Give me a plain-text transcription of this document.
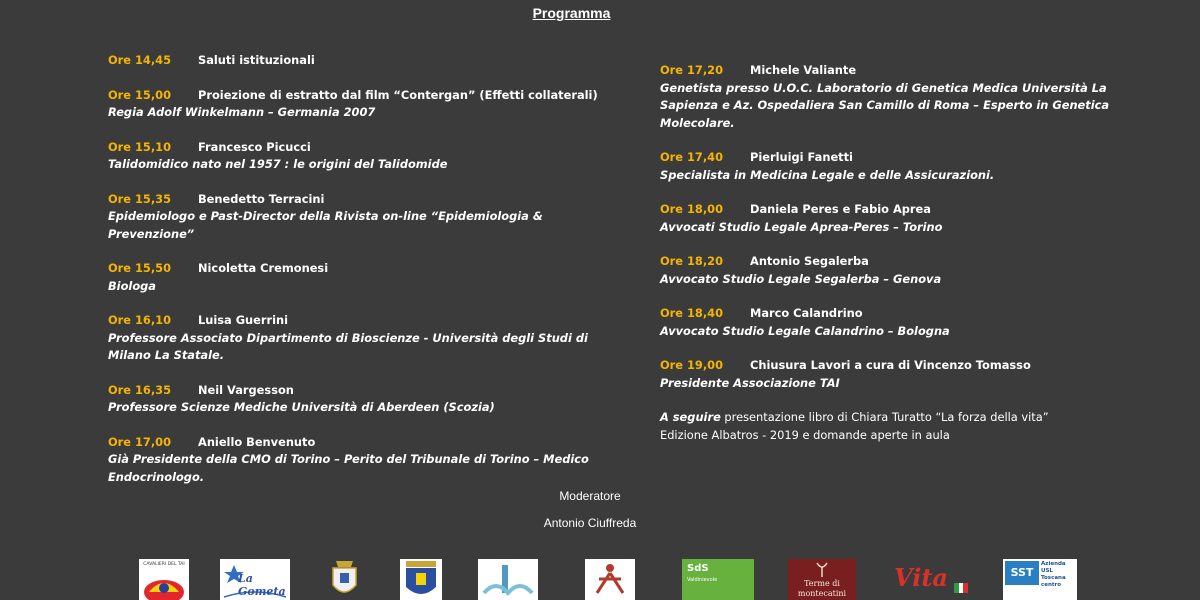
Programma
Ore 14,45	Saluti istituzionali
Ore 15,00	Proiezione di estratto dal film “Contergan” (Effetti collaterali)
Regia Adolf Winkelmann – Germania 2007
Ore 15,10	Francesco Picucci
Talidomidico nato nel 1957 : le origini del Talidomide
Ore 15,35	Benedetto Terracini
Epidemiologo e Past-Director della Rivista on-line “Epidemiologia & Prevenzione”
Ore 15,50	Nicoletta Cremonesi
Biologa
Ore 16,10	Luisa Guerrini
Professore Associato Dipartimento di Bioscienze - Università degli Studi di Milano La Statale.
Ore 16,35	Neil Vargesson
Professore Scienze Mediche Università di Aberdeen (Scozia)
Ore 17,00	Aniello Benvenuto
Già Presidente della CMO di Torino – Perito del Tribunale di Torino – Medico Endocrinologo.
Ore 17,20	Michele Valiante
Genetista presso U.O.C. Laboratorio di Genetica Medica Università La Sapienza e Az. Ospedaliera San Camillo di Roma – Esperto in Genetica Molecolare.
Ore 17,40	Pierluigi Fanetti
Specialista in Medicina Legale e delle Assicurazioni.
Ore 18,00	Daniela Peres e Fabio Aprea
Avvocati Studio Legale Aprea-Peres – Torino
Ore 18,20	Antonio Segalerba
Avvocato Studio Legale Segalerba – Genova
Ore 18,40	Marco Calandrino
Avvocato Studio Legale Calandrino – Bologna
Ore 19,00	Chiusura Lavori a cura di Vincenzo Tomasso
Presidente Associazione TAI
A seguire presentazione libro di Chiara Turatto “La forza della vita”
Edizione Albatros - 2019 e domande aperte in aula
Moderatore
Antonio Ciuffreda
CAVALIERI DEL TAI
La Gometa
SdS
Valdinievole	Terme di montecatini
Vita	SST
Azienda USL Toscana centro
